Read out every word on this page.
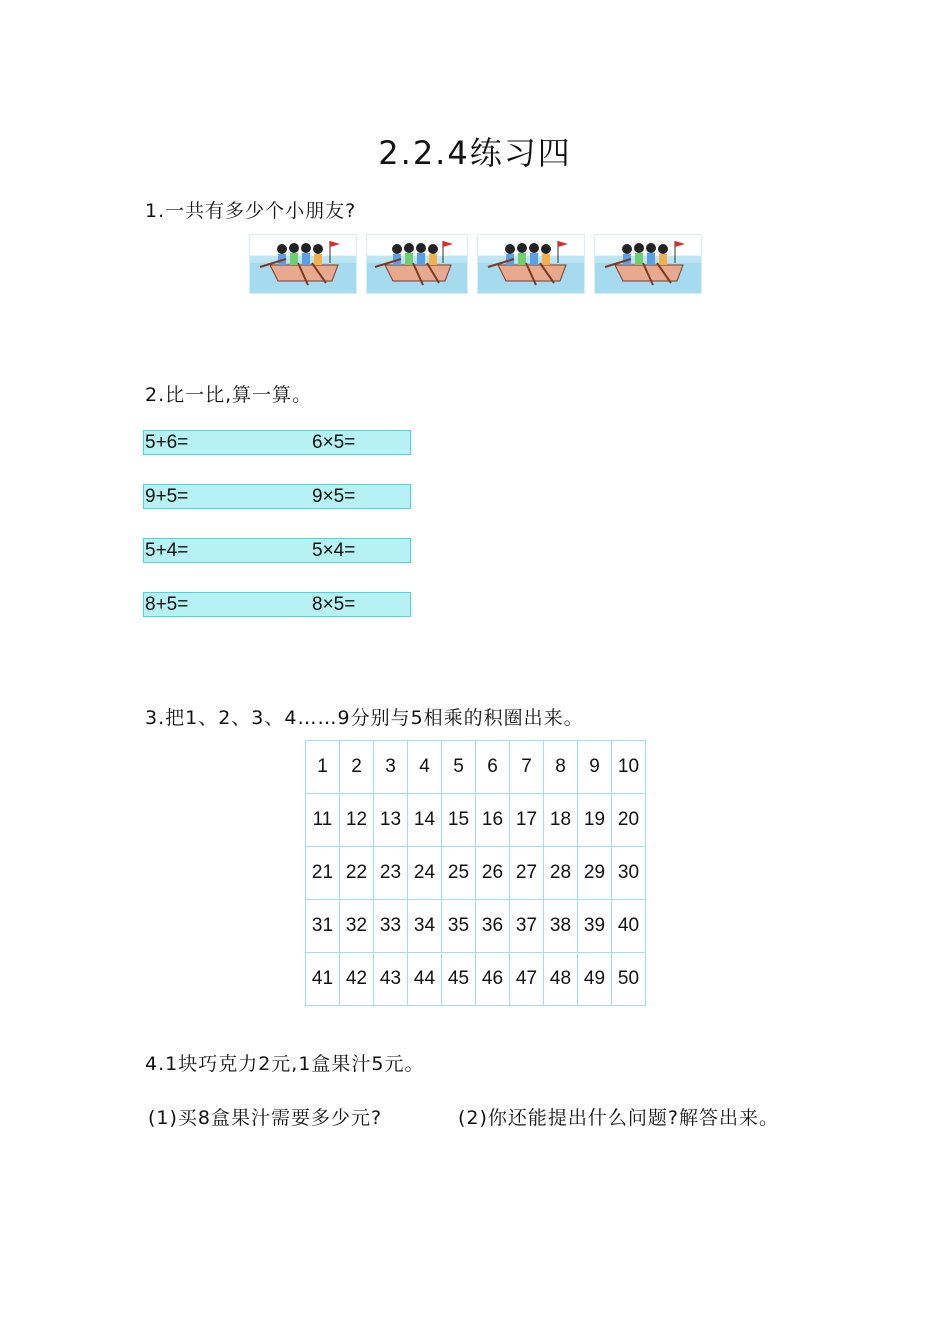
2.2.4练习四
1.一共有多少个小朋友?
2.比一比,算一算。
5+6=	6×5=
9+5=	9×5=
5+4=	5×4=
8+5=	8×5=
3.把1、2、3、4……9分别与5相乘的积圈出来。
1	2	3	4	5	6	7	8	9	10
11	12	13	14	15	16	17	18	19	20
21	22	23	24	25	26	27	28	29	30
31	32	33	34	35	36	37	38	39	40
41	42	43	44	45	46	47	48	49	50
4.1块巧克力2元,1盒果汁5元。
(1)买8盒果汁需要多少元?	(2)你还能提出什么问题?解答出来。
